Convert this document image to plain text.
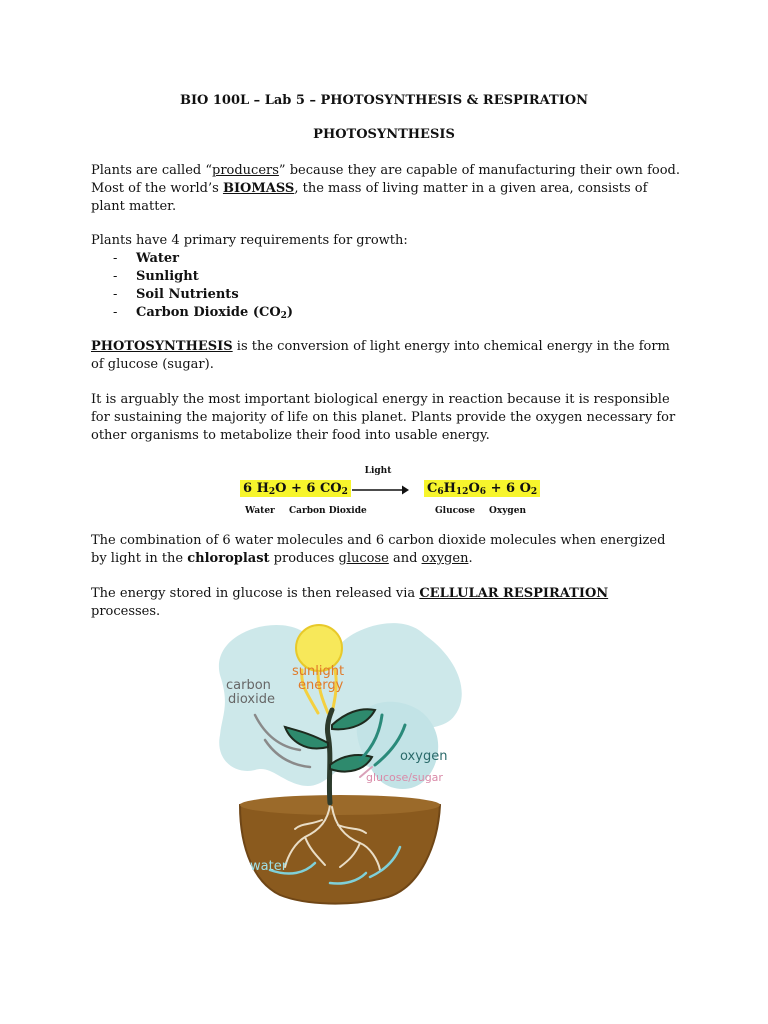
BIO 100L – Lab 5 – PHOTOSYNTHESIS & RESPIRATION
PHOTOSYNTHESIS
Plants are called “producers” because they are capable of manufacturing their own food. Most of the world’s BIOMASS, the mass of living matter in a given area, consists of plant matter.
Plants have 4 primary requirements for growth:
- Water
- Sunlight
- Soil Nutrients
- Carbon Dioxide $(CO_2)$
PHOTOSYNTHESIS is the conversion of light energy into chemical energy in the form of glucose (sugar).
It is arguably the most important biological energy in reaction because it is responsible for sustaining the majority of life on this planet. Plants provide the oxygen necessary for other organisms to metabolize their food into usable energy.
Light
6 $H_2O + 6$ $CO_2$	$C_6H_{12}O_6 + 6$ $O_2$
Water Carbon Dioxide	Glucose Oxygen
The combination of 6 water molecules and 6 carbon dioxide molecules when energized by light in the chloroplast produces glucose and oxygen.
The energy stored in glucose is then released via CELLULAR RESPIRATION processes.
sunlight
energy
carbon
dioxide
oxygen
glucose/sugar
water
